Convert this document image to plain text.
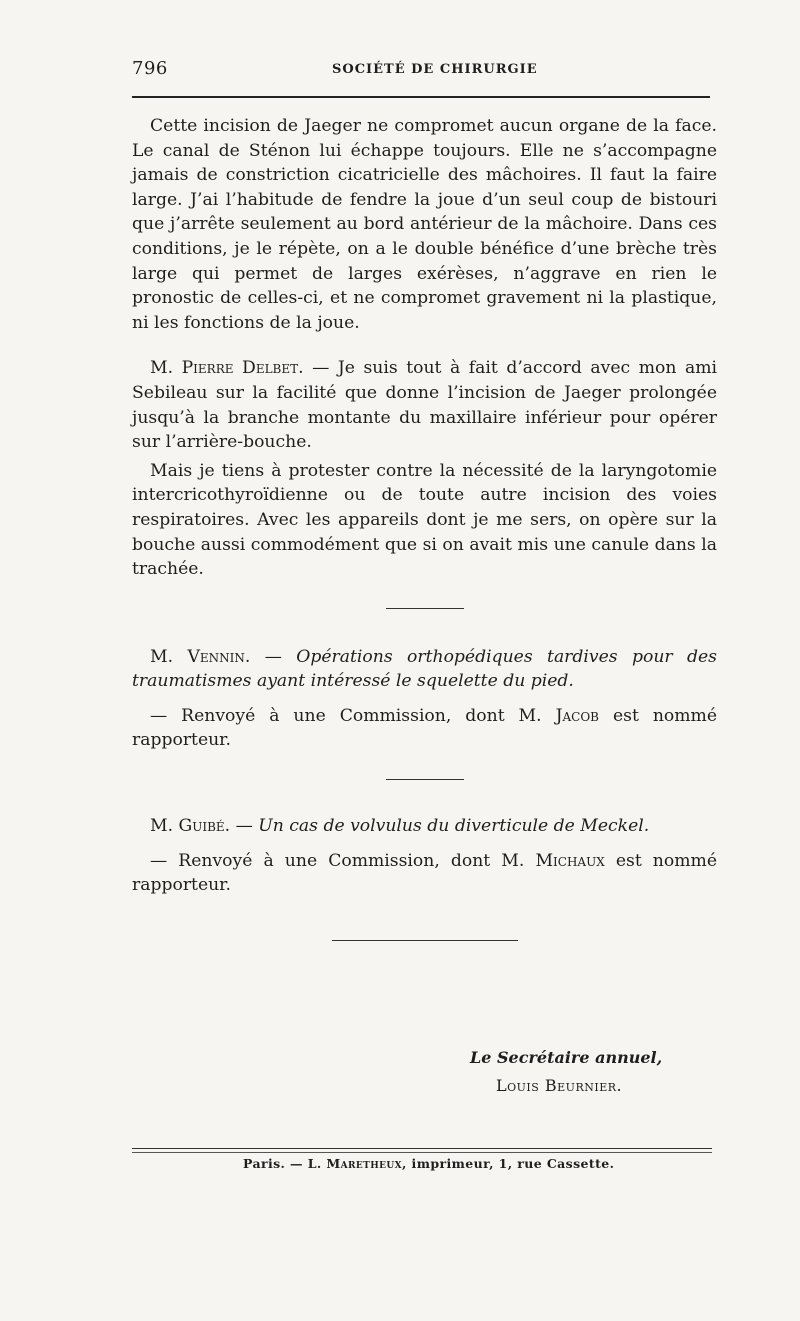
796	SOCIÉTÉ DE CHIRURGIE

Cette incision de Jaeger ne compromet aucun organe de la face. Le canal de Sténon lui échappe toujours. Elle ne s’accompagne jamais de constriction cicatricielle des mâchoires. Il faut la faire large. J’ai l’habitude de fendre la joue d’un seul coup de bistouri que j’arrête seulement au bord antérieur de la mâchoire. Dans ces conditions, je le répète, on a le double bénéfice d’une brèche très large qui permet de larges exérèses, n’aggrave en rien le pronostic de celles-ci, et ne compromet gravement ni la plastique, ni les fonctions de la joue.

M. Pierre Delbet. — Je suis tout à fait d’accord avec mon ami Sebileau sur la facilité que donne l’incision de Jaeger prolongée jusqu’à la branche montante du maxillaire inférieur pour opérer sur l’arrière-bouche.

Mais je tiens à protester contre la nécessité de la laryngotomie intercricothyroïdienne ou de toute autre incision des voies respiratoires. Avec les appareils dont je me sers, on opère sur la bouche aussi commodément que si on avait mis une canule dans la trachée.

M. Vennin. — Opérations orthopédiques tardives pour des traumatismes ayant intéressé le squelette du pied.

— Renvoyé à une Commission, dont M. Jacob est nommé rapporteur.

M. Guibé. — Un cas de volvulus du diverticule de Meckel.

— Renvoyé à une Commission, dont M. Michaux est nommé rapporteur.

Le Secrétaire annuel,

Louis Beurnier.

Paris. — L. Maretheux, imprimeur, 1, rue Cassette.
